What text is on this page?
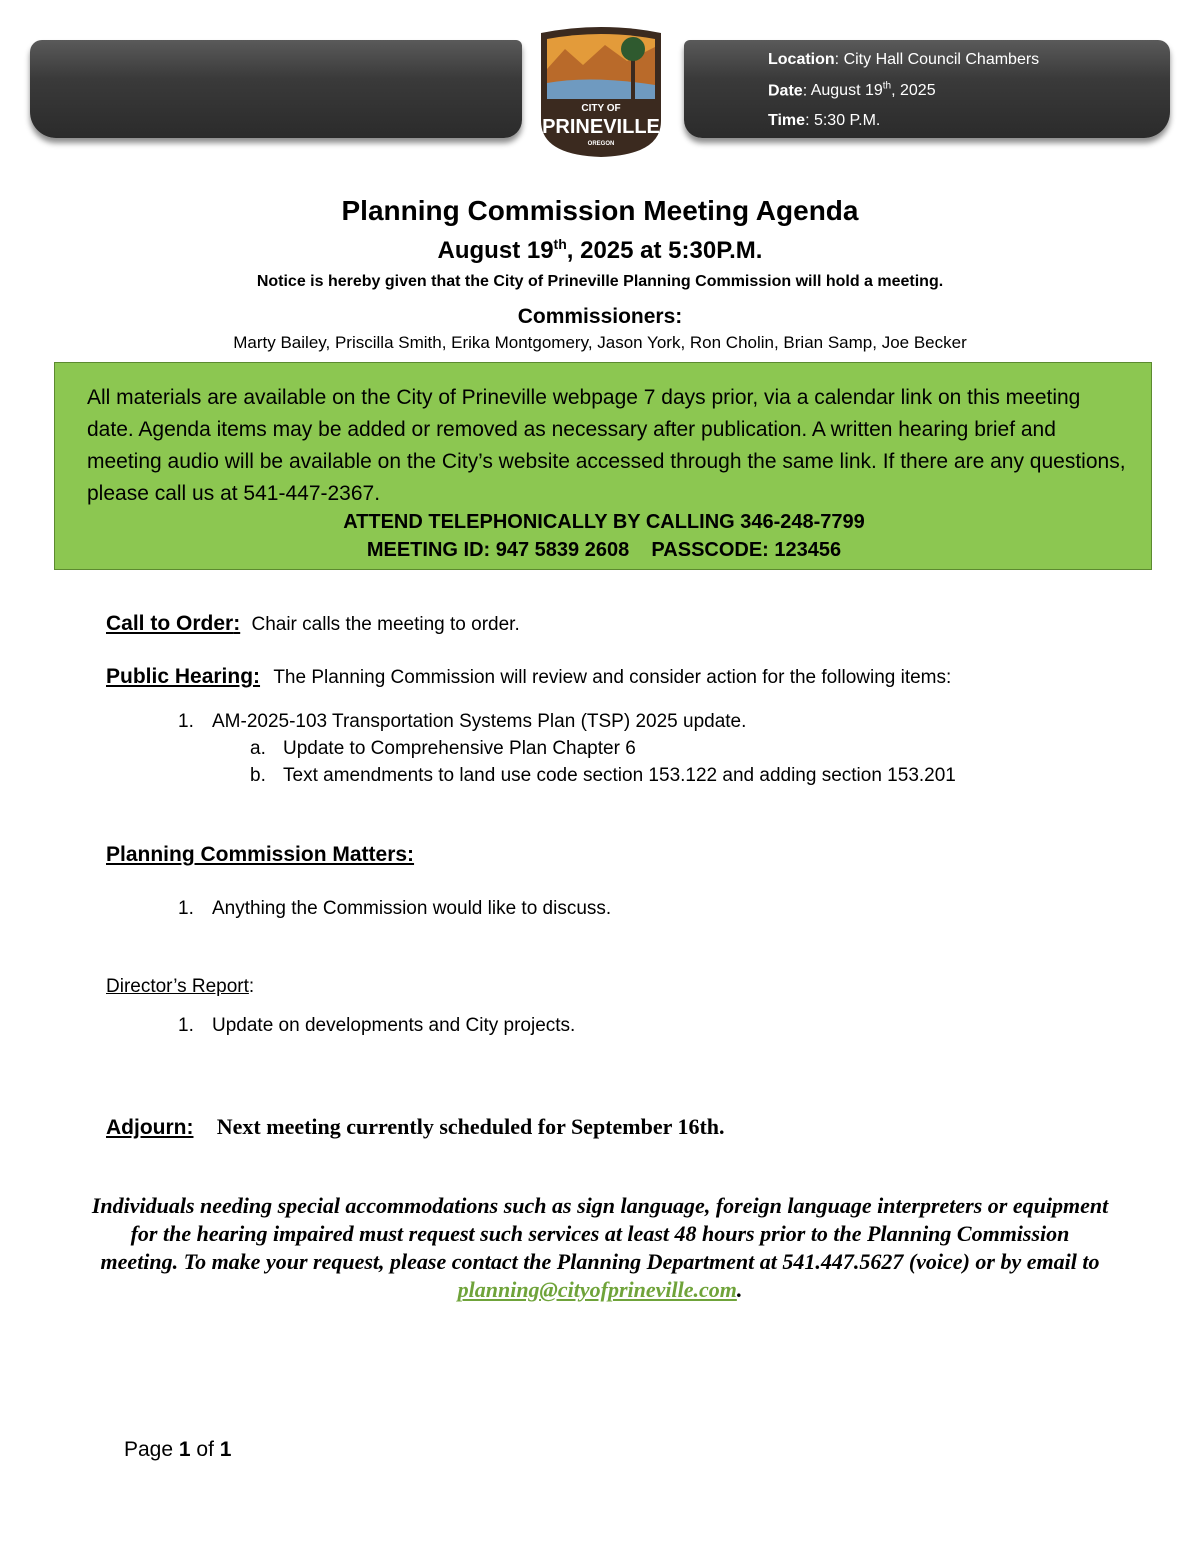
Location: City Hall Council Chambers
Date: August 19th, 2025
Time: 5:30 P.M.
CITY OF
PRINEVILLE
OREGON
Planning Commission Meeting Agenda
August 19th, 2025 at 5:30P.M.
Notice is hereby given that the City of Prineville Planning Commission will hold a meeting.
Commissioners:
Marty Bailey, Priscilla Smith, Erika Montgomery, Jason York, Ron Cholin, Brian Samp, Joe Becker
All materials are available on the City of Prineville webpage 7 days prior, via a calendar link on this meeting date. Agenda items may be added or removed as necessary after publication. A written hearing brief and meeting audio will be available on the City’s website accessed through the same link. If there are any questions, please call us at 541-447-2367.
ATTEND TELEPHONICALLY BY CALLING 346-248-7799
MEETING ID: 947 5839 2608    PASSCODE: 123456
Call to Order: Chair calls the meeting to order.
Public Hearing: The Planning Commission will review and consider action for the following items:
1. AM-2025-103 Transportation Systems Plan (TSP) 2025 update.
a. Update to Comprehensive Plan Chapter 6
b. Text amendments to land use code section 153.122 and adding section 153.201
Planning Commission Matters:
1. Anything the Commission would like to discuss.
Director’s Report:
1. Update on developments and City projects.
Adjourn: Next meeting currently scheduled for September 16th.
Individuals needing special accommodations such as sign language, foreign language interpreters or equipment for the hearing impaired must request such services at least 48 hours prior to the Planning Commission meeting. To make your request, please contact the Planning Department at 541.447.5627 (voice) or by email to planning@cityofprineville.com.
Page 1 of 1
